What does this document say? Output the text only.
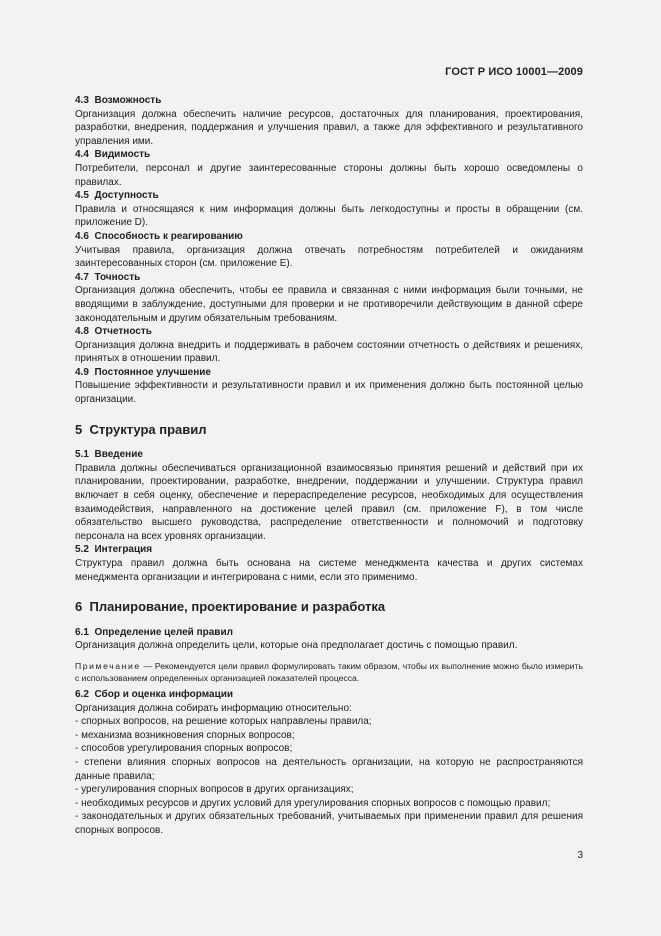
ГОСТ Р ИСО 10001—2009
4.3 Возможность
Организация должна обеспечить наличие ресурсов, достаточных для планирования, проектирования, разработки, внедрения, поддержания и улучшения правил, а также для эффективного и результативного управления ими.
4.4 Видимость
Потребители, персонал и другие заинтересованные стороны должны быть хорошо осведомлены о правилах.
4.5 Доступность
Правила и относящаяся к ним информация должны быть легкодоступны и просты в обращении (см. приложение D).
4.6 Способность к реагированию
Учитывая правила, организация должна отвечать потребностям потребителей и ожиданиям заинтересованных сторон (см. приложение Е).
4.7 Точность
Организация должна обеспечить, чтобы ее правила и связанная с ними информация были точными, не вводящими в заблуждение, доступными для проверки и не противоречили действующим в данной сфере законодательным и другим обязательным требованиям.
4.8 Отчетность
Организация должна внедрить и поддерживать в рабочем состоянии отчетность о действиях и решениях, принятых в отношении правил.
4.9 Постоянное улучшение
Повышение эффективности и результативности правил и их применения должно быть постоянной целью организации.
5 Структура правил
5.1 Введение
Правила должны обеспечиваться организационной взаимосвязью принятия решений и действий при их планировании, проектировании, разработке, внедрении, поддержании и улучшении. Структура правил включает в себя оценку, обеспечение и перераспределение ресурсов, необходимых для осуществления взаимодействия, направленного на достижение целей правил (см. приложение F), в том числе обязательство высшего руководства, распределение ответственности и полномочий и подготовку персонала на всех уровнях организации.
5.2 Интеграция
Структура правил должна быть основана на системе менеджмента качества и других системах менеджмента организации и интегрирована с ними, если это применимо.
6 Планирование, проектирование и разработка
6.1 Определение целей правил
Организация должна определить цели, которые она предполагает достичь с помощью правил.
Примечание — Рекомендуется цели правил формулировать таким образом, чтобы их выполнение можно было измерить с использованием определенных организацией показателей процесса.
6.2 Сбор и оценка информации
Организация должна собирать информацию относительно:
- спорных вопросов, на решение которых направлены правила;
- механизма возникновения спорных вопросов;
- способов урегулирования спорных вопросов;
- степени влияния спорных вопросов на деятельность организации, на которую не распространяются данные правила;
- урегулирования спорных вопросов в других организациях;
- необходимых ресурсов и других условий для урегулирования спорных вопросов с помощью правил;
- законодательных и других обязательных требований, учитываемых при применении правил для решения спорных вопросов.
3
